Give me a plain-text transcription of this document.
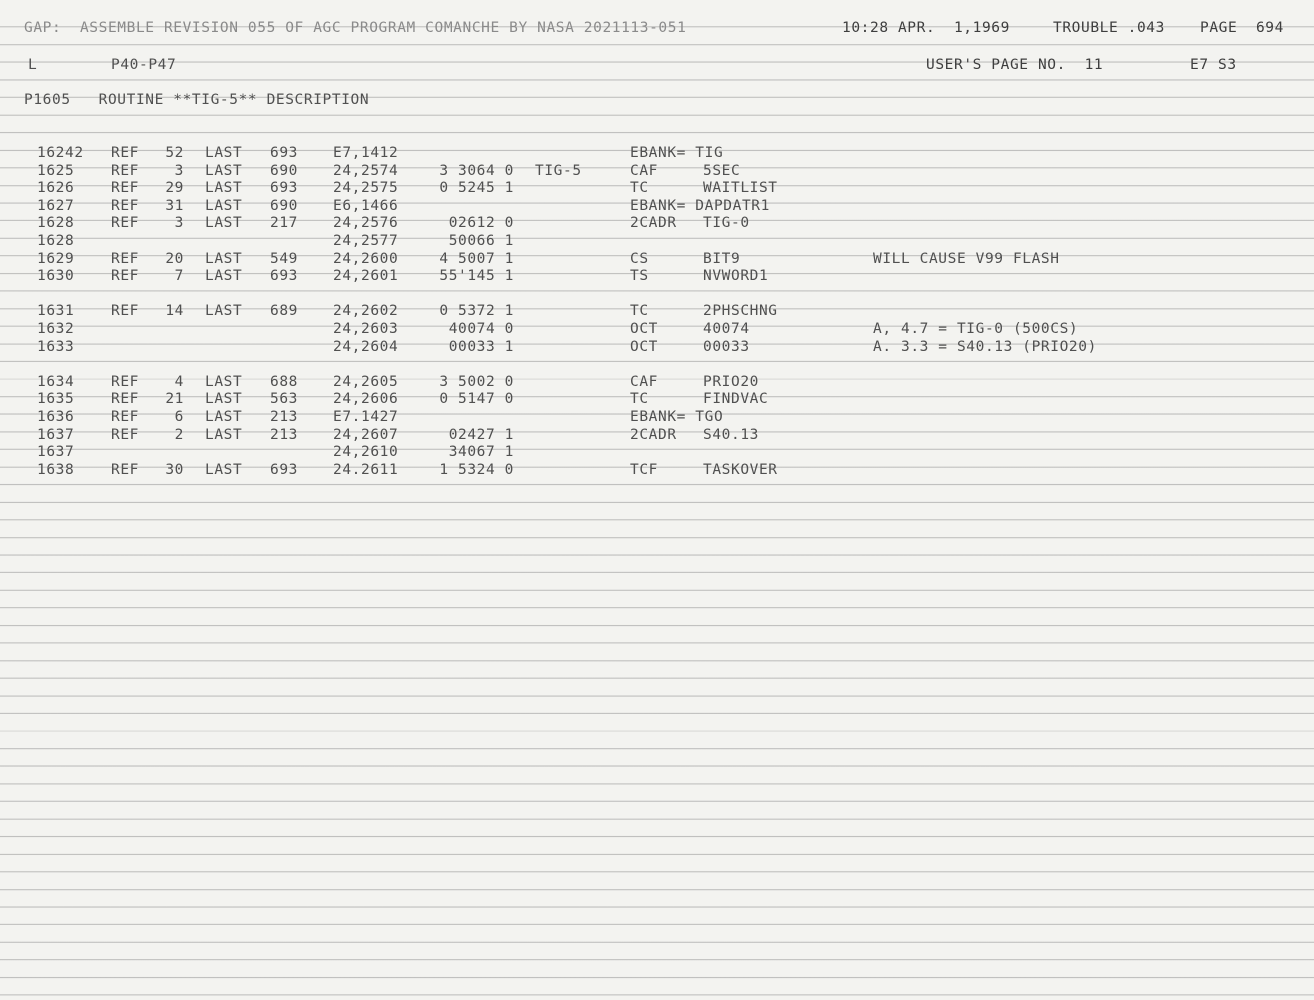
GAP:  ASSEMBLE REVISION 055 OF AGC PROGRAM COMANCHE BY NASA 2021113-051	10:28 APR.  1,1969	TROUBLE .043 PAGE  694
L	P40-P47	USER'S PAGE NO.  11	E7 S3
P1605   ROUTINE **TIG-5** DESCRIPTION
16242 REF 52 LAST 693 E7,1412	EBANK= TIG
1625	REF 3 LAST 690 24,2574	3 3064 0 TIG-5	CAF	5SEC
1626	REF 29 LAST 693 24,2575	0 5245 1	TC	WAITLIST
1627	REF 31 LAST 690 E6,1466	EBANK= DAPDATR1
1628	REF 3 LAST 217 24,2576	02612 0	2CADR TIG-0
1628	24,2577	50066 1
1629	REF 20 LAST 549 24,2600	4 5007 1	CS	BIT9	WILL CAUSE V99 FLASH
1630	REF 7 LAST 693 24,2601	55'145 1	TS	NVWORD1
1631	REF 14 LAST 689 24,2602	0 5372 1	TC	2PHSCHNG
1632	24,2603	40074 0	OCT	40074	A, 4.7 = TIG-0 (500CS)
1633	24,2604	00033 1	OCT	00033	A. 3.3 = S40.13 (PRIO20)
1634	REF 4 LAST 688 24,2605	3 5002 0	CAF	PRIO20
1635	REF 21 LAST 563 24,2606	0 5147 0	TC	FINDVAC
1636	REF 6 LAST 213 E7.1427	EBANK= TGO
1637	REF 2 LAST 213 24,2607	02427 1	2CADR S40.13
1637	24,2610	34067 1
1638	REF 30 LAST 693 24.2611	1 5324 0	TCF	TASKOVER
